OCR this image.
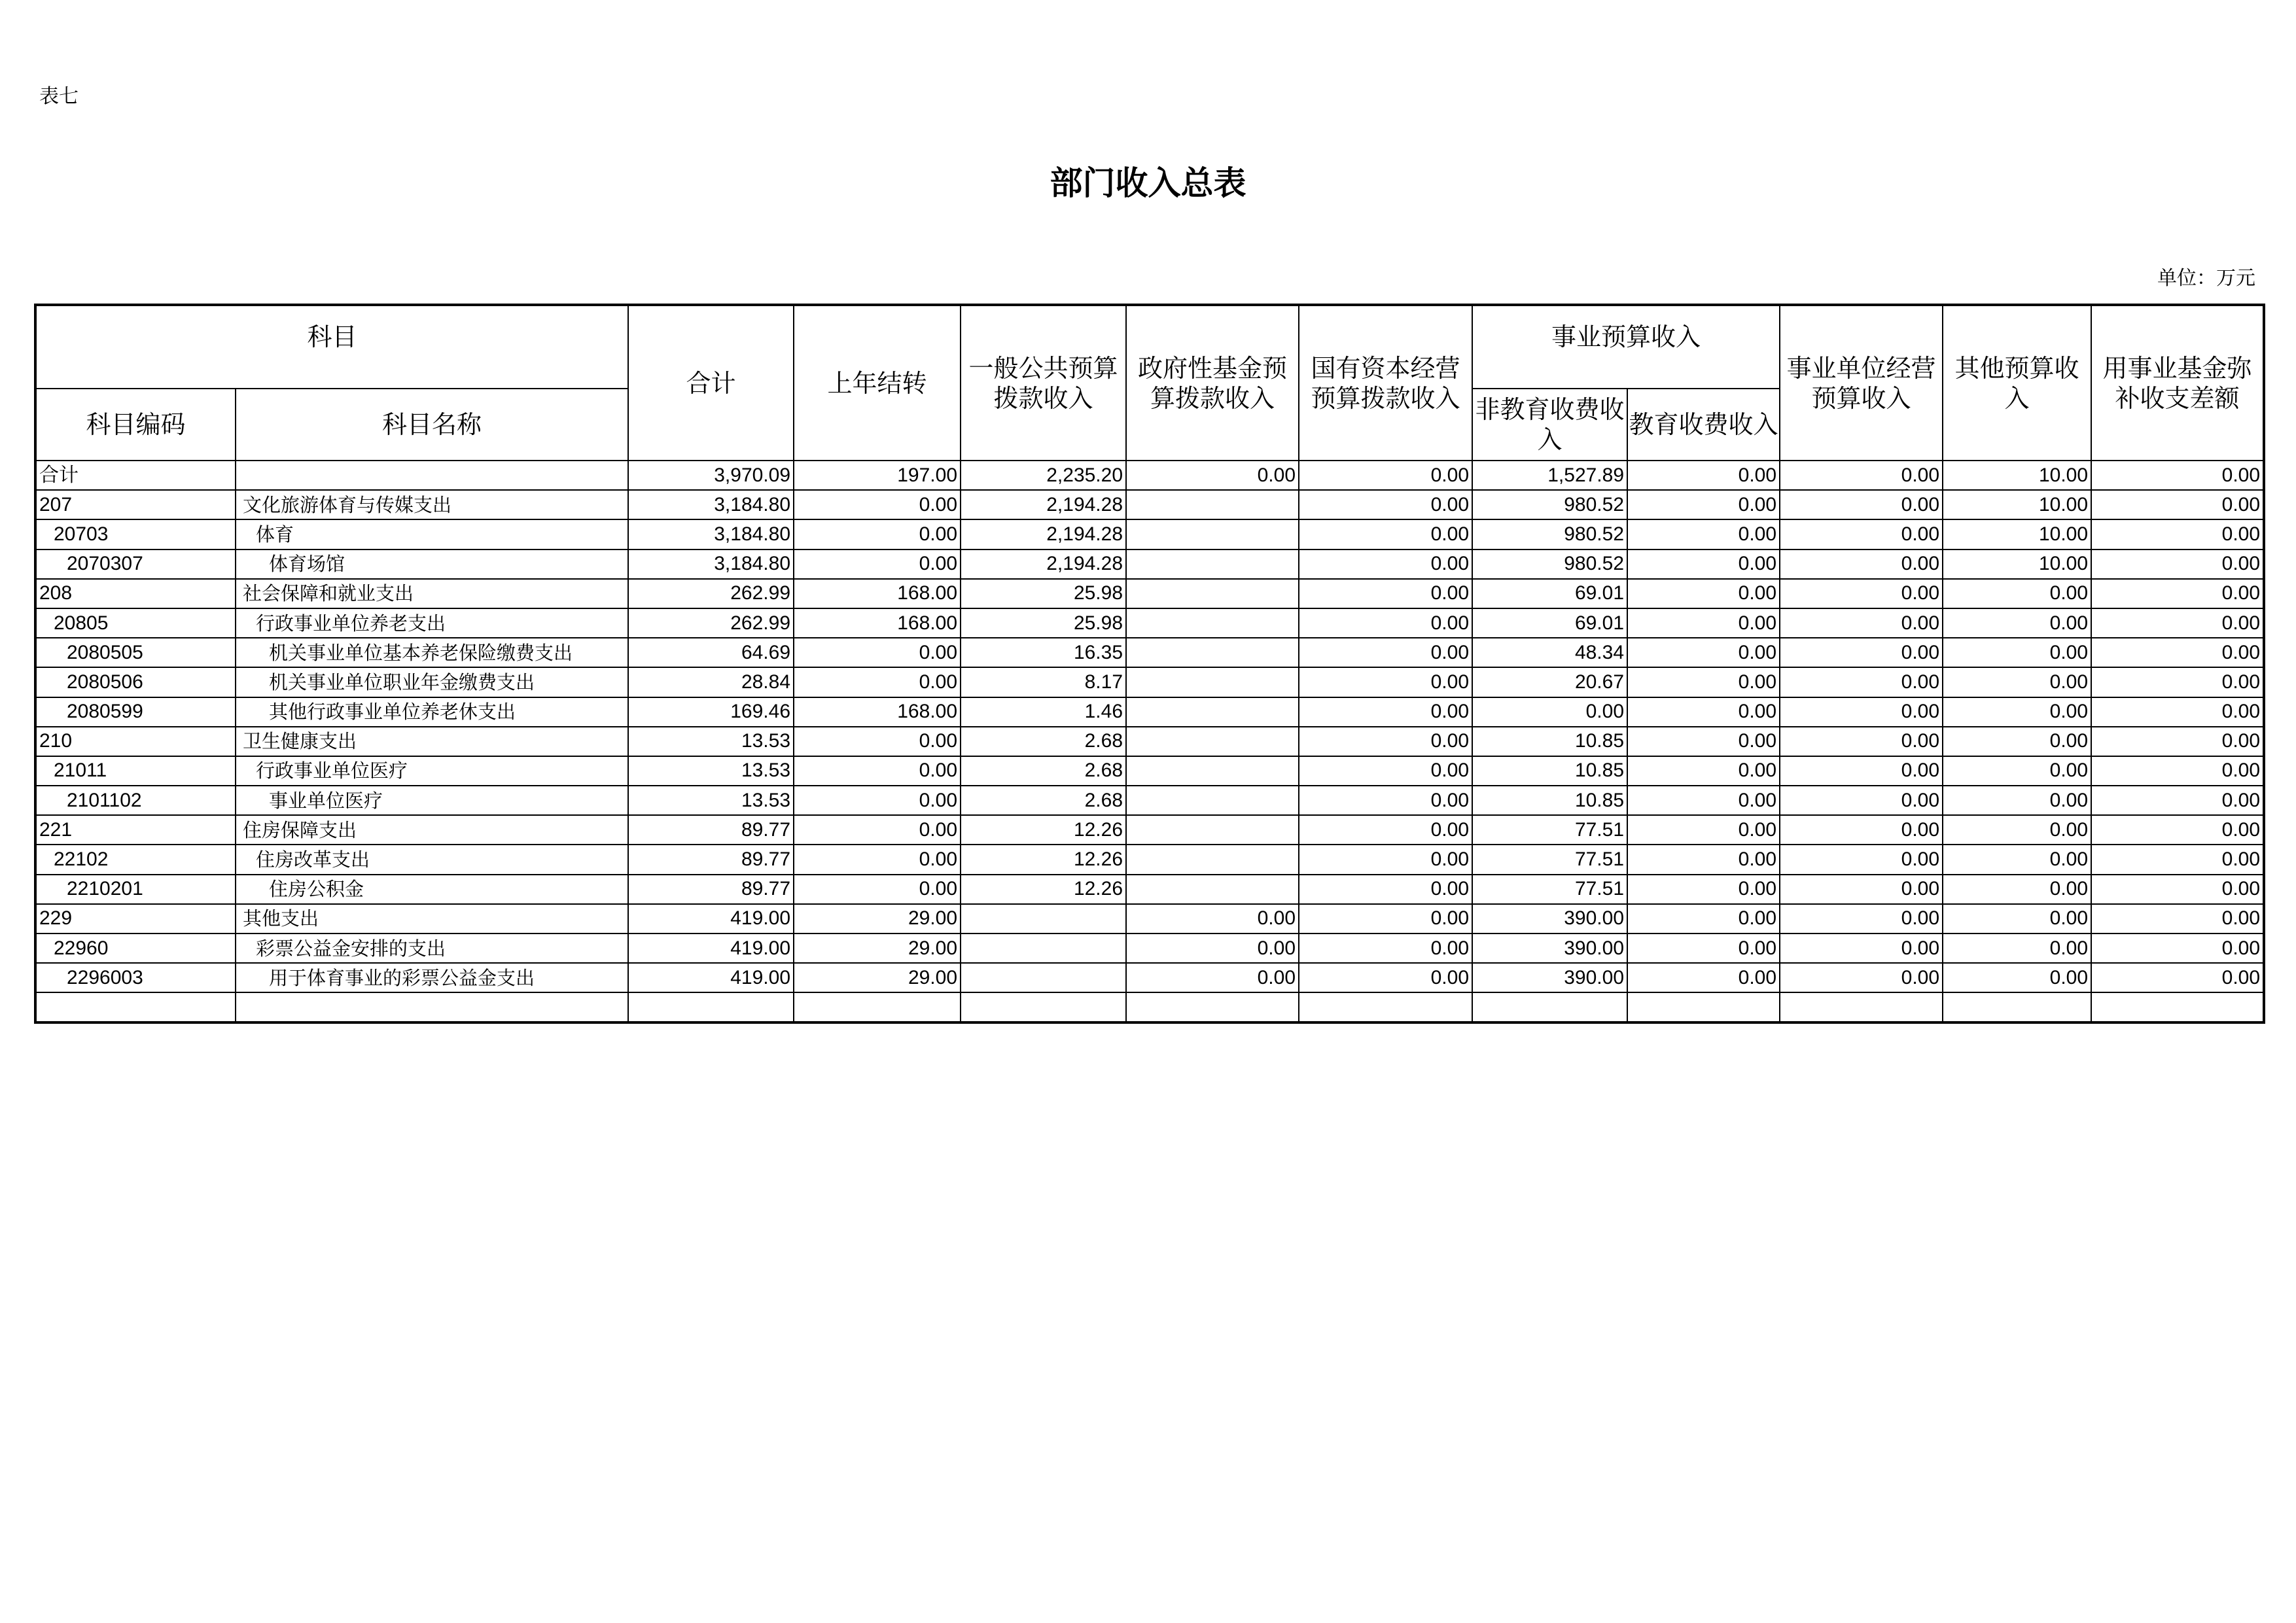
表七
部门收入总表
单位：万元
科目		合计	上年结转	一般公共预算拨款收入	政府性基金预算拨款收入	国有资本经营预算拨款收入	事业预算收入		事业单位经营预算收入	其他预算收入	用事业基金弥补收支差额
科目编码	科目名称						非教育收费收入	教育收费收入			
合计		3,970.09	197.00	2,235.20	0.00	0.00	1,527.89	0.00	0.00	10.00	0.00
207	文化旅游体育与传媒支出	3,184.80	0.00	2,194.28		0.00	980.52	0.00	0.00	10.00	0.00
20703	体育	3,184.80	0.00	2,194.28		0.00	980.52	0.00	0.00	10.00	0.00
2070307	体育场馆	3,184.80	0.00	2,194.28		0.00	980.52	0.00	0.00	10.00	0.00
208	社会保障和就业支出	262.99	168.00	25.98		0.00	69.01	0.00	0.00	0.00	0.00
20805	行政事业单位养老支出	262.99	168.00	25.98		0.00	69.01	0.00	0.00	0.00	0.00
2080505	机关事业单位基本养老保险缴费支出	64.69	0.00	16.35		0.00	48.34	0.00	0.00	0.00	0.00
2080506	机关事业单位职业年金缴费支出	28.84	0.00	8.17		0.00	20.67	0.00	0.00	0.00	0.00
2080599	其他行政事业单位养老休支出	169.46	168.00	1.46		0.00	0.00	0.00	0.00	0.00	0.00
210	卫生健康支出	13.53	0.00	2.68		0.00	10.85	0.00	0.00	0.00	0.00
21011	行政事业单位医疗	13.53	0.00	2.68		0.00	10.85	0.00	0.00	0.00	0.00
2101102	事业单位医疗	13.53	0.00	2.68		0.00	10.85	0.00	0.00	0.00	0.00
221	住房保障支出	89.77	0.00	12.26		0.00	77.51	0.00	0.00	0.00	0.00
22102	住房改革支出	89.77	0.00	12.26		0.00	77.51	0.00	0.00	0.00	0.00
2210201	住房公积金	89.77	0.00	12.26		0.00	77.51	0.00	0.00	0.00	0.00
229	其他支出	419.00	29.00		0.00	0.00	390.00	0.00	0.00	0.00	0.00
22960	彩票公益金安排的支出	419.00	29.00		0.00	0.00	390.00	0.00	0.00	0.00	0.00
2296003	用于体育事业的彩票公益金支出	419.00	29.00		0.00	0.00	390.00	0.00	0.00	0.00	0.00
